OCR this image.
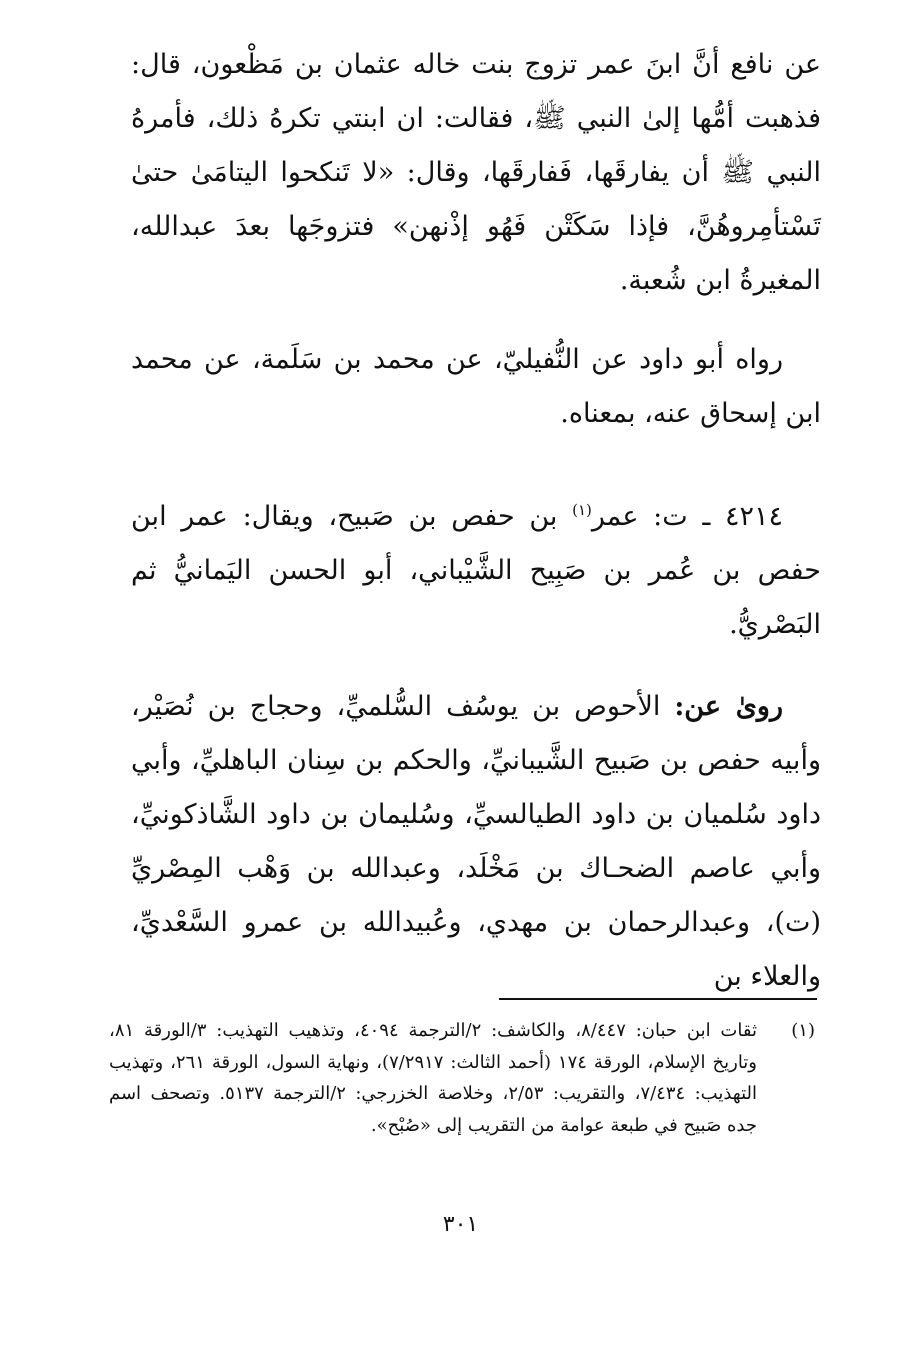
عن نافع أنَّ ابنَ عمر تزوج بنت خاله عثمان بن مَظْعون، قال: فذهبت أمُّها إلىٰ النبي ﷺ، فقالت: ان ابنتي تكرهُ ذلك، فأمرهُ النبي ﷺ أن يفارقَها، فَفارقَها، وقال: «لا تَنكحوا اليتامَىٰ حتىٰ تَسْتأمِروهُنَّ، فإذا سَكَتْن فَهُو إذْنهن» فتزوجَها بعدَ عبدالله، المغيرةُ ابن شُعبة.

رواه أبو داود عن النُّفيليّ، عن محمد بن سَلَمة، عن محمد ابن إسحاق عنه، بمعناه.

٤٢١٤ ـ ت: عمر$^{(١)}$ بن حفص بن صَبيح، ويقال: عمر ابن حفص بن عُمر بن صَبِيح الشَّيْباني، أبو الحسن اليَمانيُّ ثم البَصْريُّ.

روىٰ عن: الأحوص بن يوسُف السُّلميِّ، وحجاج بن نُصَيْر، وأبيه حفص بن صَبيح الشَّيبانيِّ، والحكم بن سِنان الباهليِّ، وأبي داود سُلميان بن داود الطيالسيِّ، وسُليمان بن داود الشَّاذكونيِّ، وأبي عاصم الضحـاك بن مَخْلَد، وعبدالله بن وَهْب المِصْريِّ (ت)، وعبدالرحمان بن مهدي، وعُبيدالله بن عمرو السَّعْديِّ، والعلاء بن

(١)
ثقات ابن حبان: ٨/٤٤٧، والكاشف: ٢/الترجمة ٤٠٩٤، وتذهيب التهذيب: ٣/الورقة ٨١، وتاريخ الإسلام، الورقة ١٧٤ (أحمد الثالث: ٧/٢٩١٧)، ونهاية السول، الورقة ٢٦١، وتهذيب التهذيب: ٧/٤٣٤، والتقريب: ٢/٥٣، وخلاصة الخزرجي: ٢/الترجمة ٥١٣٧. وتصحف اسم جده صَبيح في طبعة عوامة من التقريب إلى «صُبْح».
٣٠١
